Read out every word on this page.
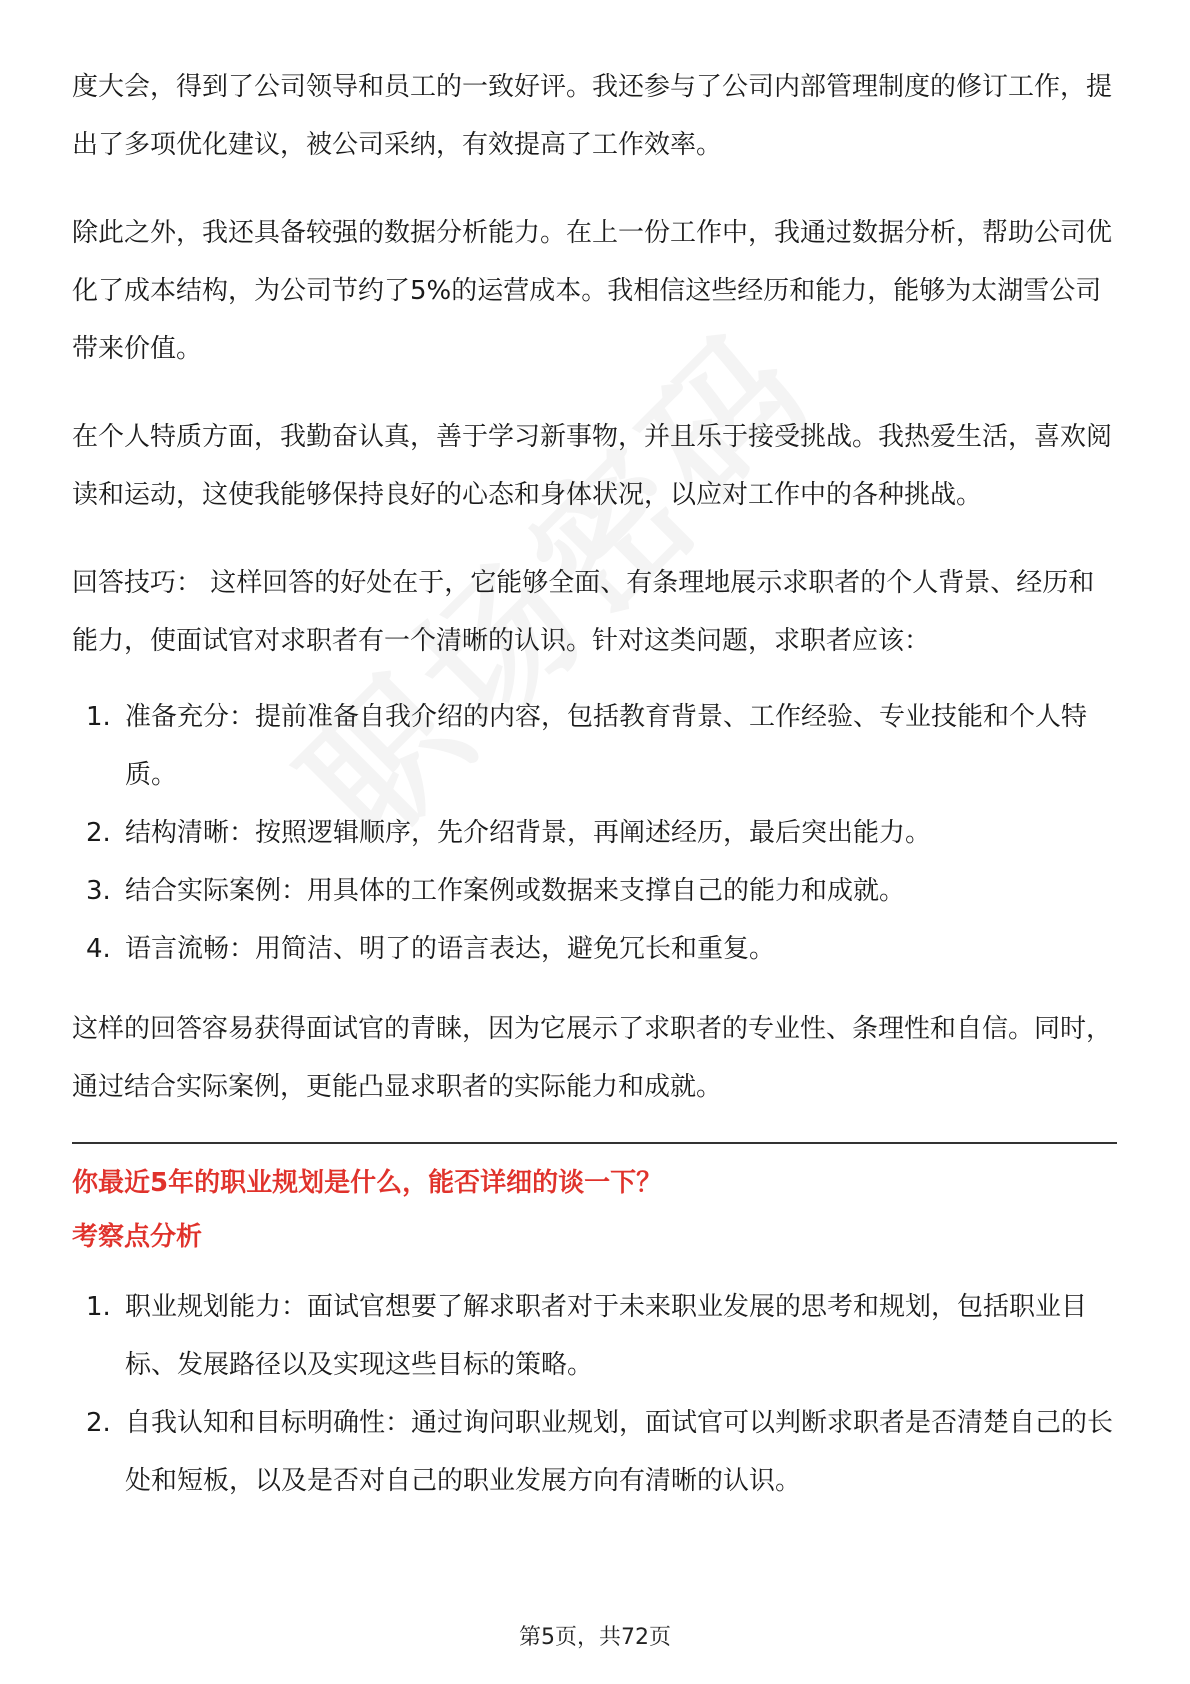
度大会，得到了公司领导和员工的一致好评。我还参与了公司内部管理制度的修订工作，提出了多项优化建议，被公司采纳，有效提高了工作效率。

除此之外，我还具备较强的数据分析能力。在上一份工作中，我通过数据分析，帮助公司优化了成本结构，为公司节约了5%的运营成本。我相信这些经历和能力，能够为太湖雪公司带来价值。

在个人特质方面，我勤奋认真，善于学习新事物，并且乐于接受挑战。我热爱生活，喜欢阅读和运动，这使我能够保持良好的心态和身体状况，以应对工作中的各种挑战。

回答技巧： 这样回答的好处在于，它能够全面、有条理地展示求职者的个人背景、经历和能力，使面试官对求职者有一个清晰的认识。针对这类问题，求职者应该：

1. 准备充分：提前准备自我介绍的内容，包括教育背景、工作经验、专业技能和个人特质。
2. 结构清晰：按照逻辑顺序，先介绍背景，再阐述经历，最后突出能力。
3. 结合实际案例：用具体的工作案例或数据来支撑自己的能力和成就。
4. 语言流畅：用简洁、明了的语言表达，避免冗长和重复。

这样的回答容易获得面试官的青睐，因为它展示了求职者的专业性、条理性和自信。同时，通过结合实际案例，更能凸显求职者的实际能力和成就。

你最近5年的职业规划是什么，能否详细的谈一下？

考察点分析

1. 职业规划能力：面试官想要了解求职者对于未来职业发展的思考和规划，包括职业目标、发展路径以及实现这些目标的策略。
2. 自我认知和目标明确性：通过询问职业规划，面试官可以判断求职者是否清楚自己的长处和短板，以及是否对自己的职业发展方向有清晰的认识。
第5页，共72页
